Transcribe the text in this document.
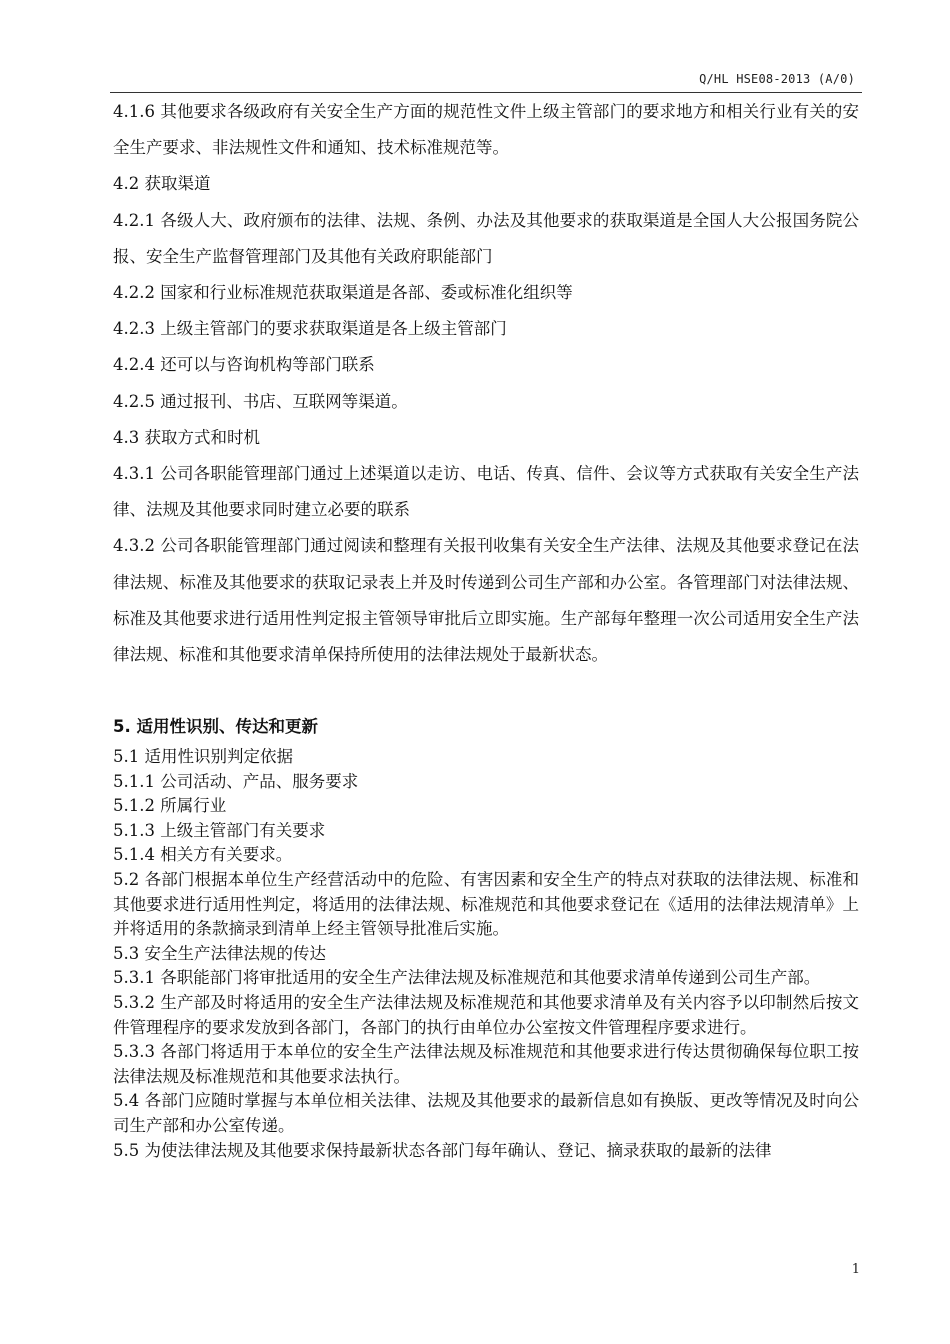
Q/HL HSE08-2013 (A/0)

4.1.6 其他要求各级政府有关安全生产方面的规范性文件上级主管部门的要求地方和相关行业有关的安全生产要求、非法规性文件和通知、技术标准规范等。

4.2 获取渠道

4.2.1 各级人大、政府颁布的法律、法规、条例、办法及其他要求的获取渠道是全国人大公报国务院公报、安全生产监督管理部门及其他有关政府职能部门

4.2.2 国家和行业标准规范获取渠道是各部、委或标准化组织等

4.2.3 上级主管部门的要求获取渠道是各上级主管部门

4.2.4 还可以与咨询机构等部门联系

4.2.5 通过报刊、书店、互联网等渠道。

4.3 获取方式和时机

4.3.1 公司各职能管理部门通过上述渠道以走访、电话、传真、信件、会议等方式获取有关安全生产法律、法规及其他要求同时建立必要的联系

4.3.2 公司各职能管理部门通过阅读和整理有关报刊收集有关安全生产法律、法规及其他要求登记在法律法规、标准及其他要求的获取记录表上并及时传递到公司生产部和办公室。各管理部门对法律法规、标准及其他要求进行适用性判定报主管领导审批后立即实施。生产部每年整理一次公司适用安全生产法律法规、标准和其他要求清单保持所使用的法律法规处于最新状态。

5. 适用性识别、传达和更新

5.1 适用性识别判定依据

5.1.1 公司活动、产品、服务要求

5.1.2 所属行业

5.1.3 上级主管部门有关要求

5.1.4 相关方有关要求。

5.2 各部门根据本单位生产经营活动中的危险、有害因素和安全生产的特点对获取的法律法规、标准和其他要求进行适用性判定，将适用的法律法规、标准规范和其他要求登记在《适用的法律法规清单》上并将适用的条款摘录到清单上经主管领导批准后实施。

5.3 安全生产法律法规的传达

5.3.1 各职能部门将审批适用的安全生产法律法规及标准规范和其他要求清单传递到公司生产部。

5.3.2 生产部及时将适用的安全生产法律法规及标准规范和其他要求清单及有关内容予以印制然后按文件管理程序的要求发放到各部门，各部门的执行由单位办公室按文件管理程序要求进行。

5.3.3 各部门将适用于本单位的安全生产法律法规及标准规范和其他要求进行传达贯彻确保每位职工按法律法规及标准规范和其他要求法执行。

5.4 各部门应随时掌握与本单位相关法律、法规及其他要求的最新信息如有换版、更改等情况及时向公司生产部和办公室传递。

5.5 为使法律法规及其他要求保持最新状态各部门每年确认、登记、摘录获取的最新的法律

1
